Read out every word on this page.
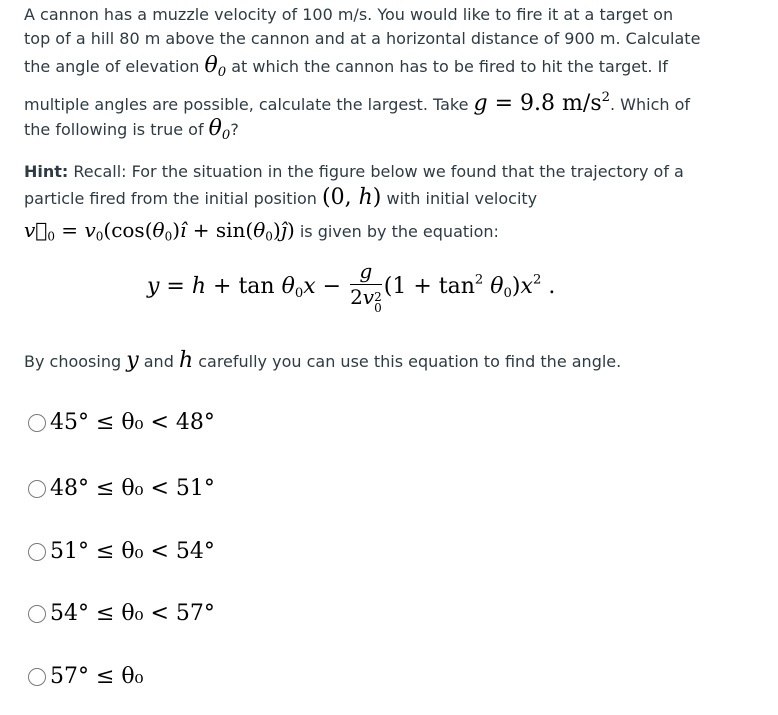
A cannon has a muzzle velocity of 100 m/s. You would like to fire it at a target on
top of a hill 80 m above the cannon and at a horizontal distance of 900 m. Calculate
the angle of elevation $\theta_0$ at which the cannon has to be fired to hit the target. If
multiple angles are possible, calculate the largest. Take g = 9.8 $m/s^2$. Which of
the following is true of $\theta_0$?
Hint: Recall: For the situation in the figure below we found that the trajectory of a
particle fired from the initial position (0, h) with initial velocity
$v⃗_0$ = $v_0(\cos(\theta_0)ı̂$ + $\sin(\theta_0)ȷ̂$) is given by the equation:
$y = h + \tan \theta_0x - g$
2v 2
0 $(1 + \tan^2 \theta_0)x^2$ .
By choosing y and h carefully you can use this equation to find the angle.
45° ≤ θ₀ < 48°
48° ≤ θ₀ < 51°
51° ≤ θ₀ < 54°
54° ≤ θ₀ < 57°
57° ≤ θ₀
